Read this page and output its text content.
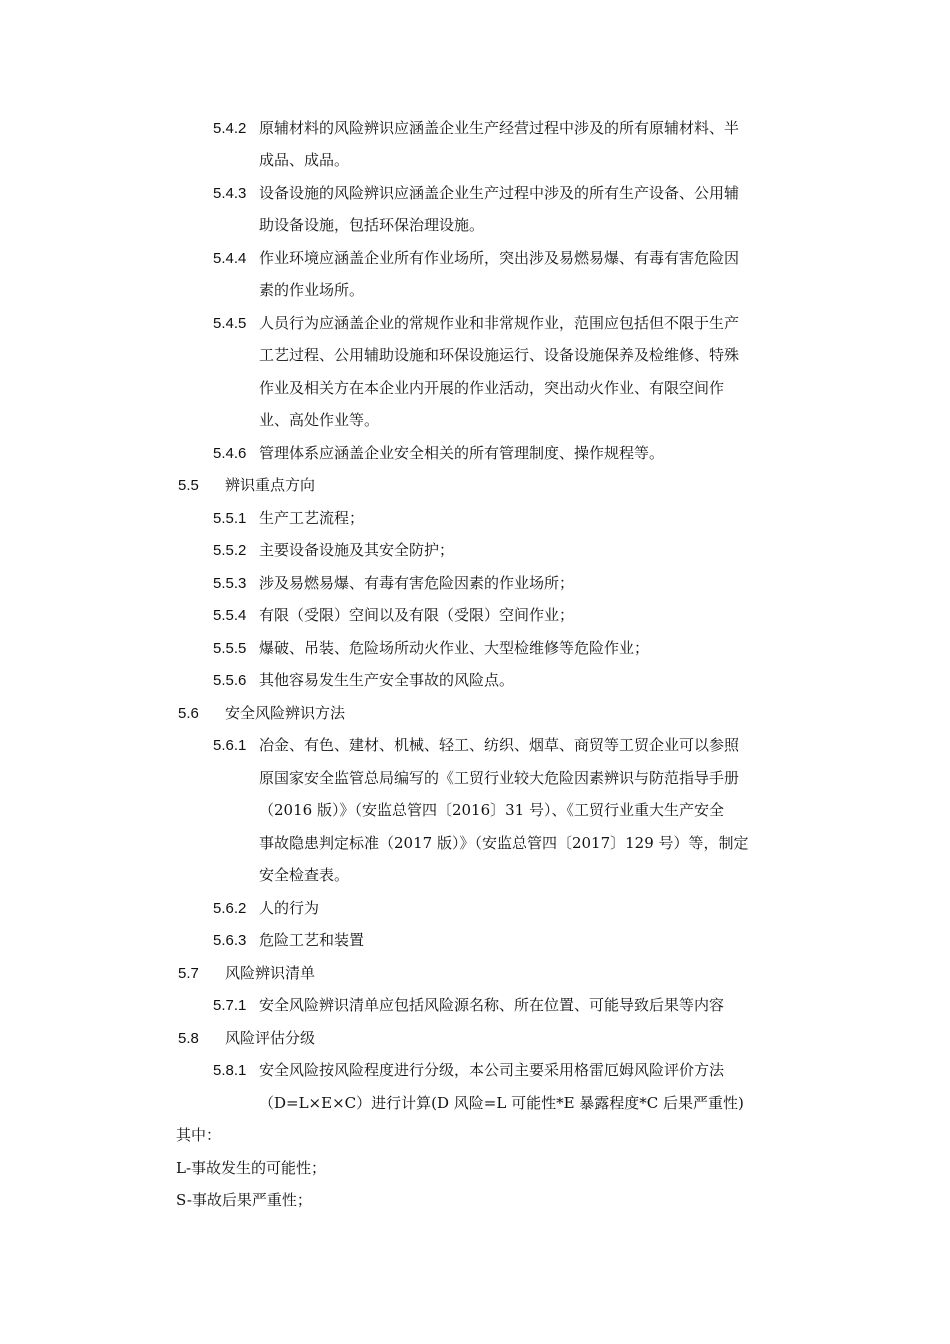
5.4.2 原辅材料的风险辨识应涵盖企业生产经营过程中涉及的所有原辅材料、半
成品、成品。
5.4.3 设备设施的风险辨识应涵盖企业生产过程中涉及的所有生产设备、公用辅
助设备设施，包括环保治理设施。
5.4.4 作业环境应涵盖企业所有作业场所，突出涉及易燃易爆、有毒有害危险因
素的作业场所。
5.4.5 人员行为应涵盖企业的常规作业和非常规作业，范围应包括但不限于生产
工艺过程、公用辅助设施和环保设施运行、设备设施保养及检维修、特殊
作业及相关方在本企业内开展的作业活动，突出动火作业、有限空间作
业、高处作业等。
5.4.6 管理体系应涵盖企业安全相关的所有管理制度、操作规程等。
5.5 辨识重点方向
5.5.1 生产工艺流程；
5.5.2 主要设备设施及其安全防护；
5.5.3 涉及易燃易爆、有毒有害危险因素的作业场所；
5.5.4 有限（受限）空间以及有限（受限）空间作业；
5.5.5 爆破、吊装、危险场所动火作业、大型检维修等危险作业；
5.5.6 其他容易发生生产安全事故的风险点。
5.6 安全风险辨识方法
5.6.1 冶金、有色、建材、机械、轻工、纺织、烟草、商贸等工贸企业可以参照
原国家安全监管总局编写的《工贸行业较大危险因素辨识与防范指导手册
（2016 版）》（安监总管四〔2016〕31 号）、《工贸行业重大生产安全
事故隐患判定标准（2017 版）》（安监总管四〔2017〕129 号）等，制定
安全检查表。
5.6.2 人的行为
5.6.3 危险工艺和装置
5.7 风险辨识清单
5.7.1 安全风险辨识清单应包括风险源名称、所在位置、可能导致后果等内容
5.8 风险评估分级
5.8.1 安全风险按风险程度进行分级，本公司主要采用格雷厄姆风险评价方法
（D=L×E×C）进行计算(D 风险=L 可能性*E 暴露程度*C 后果严重性)
其中：
L-事故发生的可能性；
S-事故后果严重性；
